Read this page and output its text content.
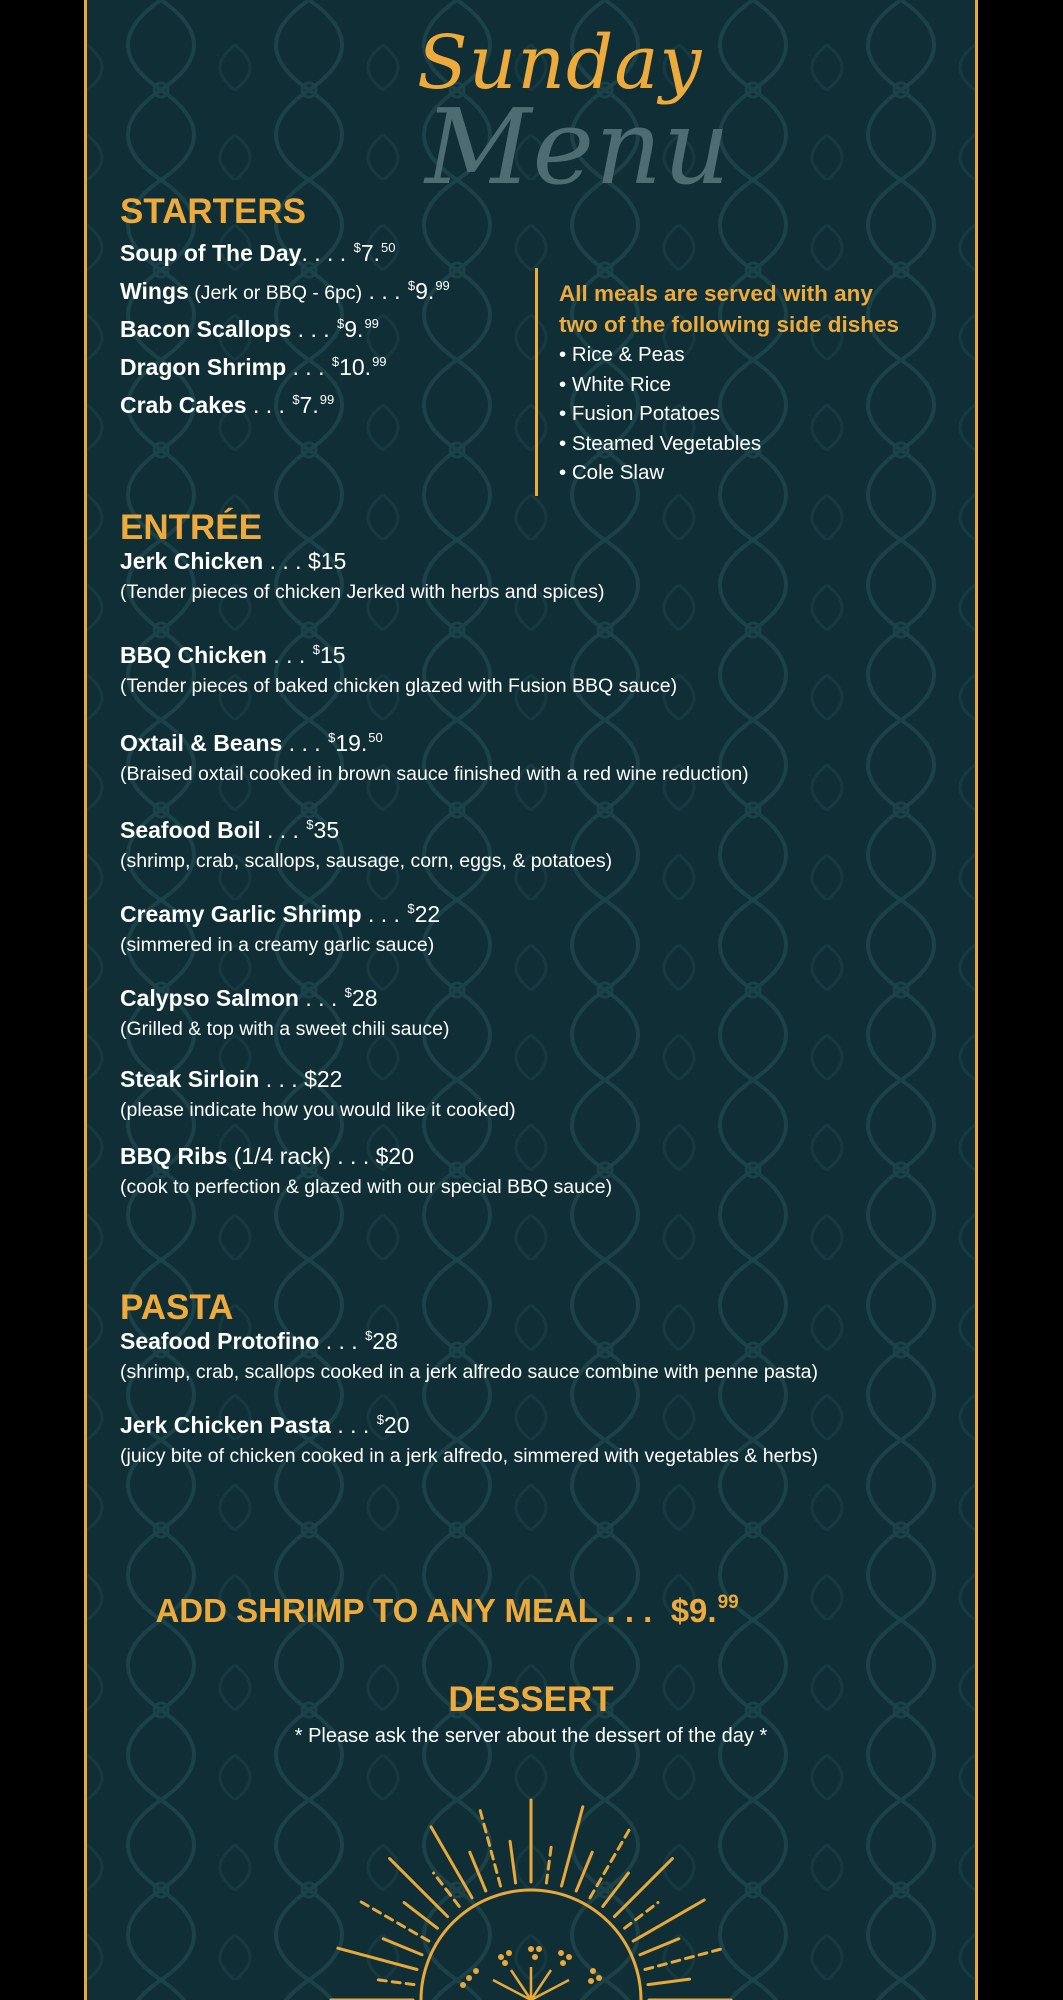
Sunday
Menu
STARTERS
Soup of The Day. . . . $7.50
Wings (Jerk or BBQ - 6pc) . . . $9.99
Bacon Scallops . . . $9.99
Dragon Shrimp . . . $10.99
Crab Cakes . . . $7.99
All meals are served with any
two of the following side dishes
• Rice & Peas
• White Rice
• Fusion Potatoes
• Steamed Vegetables
• Cole Slaw
ENTRÉE
Jerk Chicken . . . $15
(Tender pieces of chicken Jerked with herbs and spices)
BBQ Chicken . . . $15
(Tender pieces of baked chicken glazed with Fusion BBQ sauce)
Oxtail & Beans . . . $19.50
(Braised oxtail cooked in brown sauce finished with a red wine reduction)
Seafood Boil . . . $35
(shrimp, crab, scallops, sausage, corn, eggs, & potatoes)
Creamy Garlic Shrimp . . . $22
(simmered in a creamy garlic sauce)
Calypso Salmon . . . $28
(Grilled & top with a sweet chili sauce)
Steak Sirloin . . . $22
(please indicate how you would like it cooked)
BBQ Ribs (1/4 rack) . . . $20
(cook to perfection & glazed with our special BBQ sauce)
PASTA
Seafood Protofino . . . $28
(shrimp, crab, scallops cooked in a jerk alfredo sauce combine with penne pasta)
Jerk Chicken Pasta . . . $20
(juicy bite of chicken cooked in a jerk alfredo, simmered with vegetables & herbs)

ADD SHRIMP TO ANY MEAL . . .  $9.99

DESSERT
* Please ask the server about the dessert of the day *
